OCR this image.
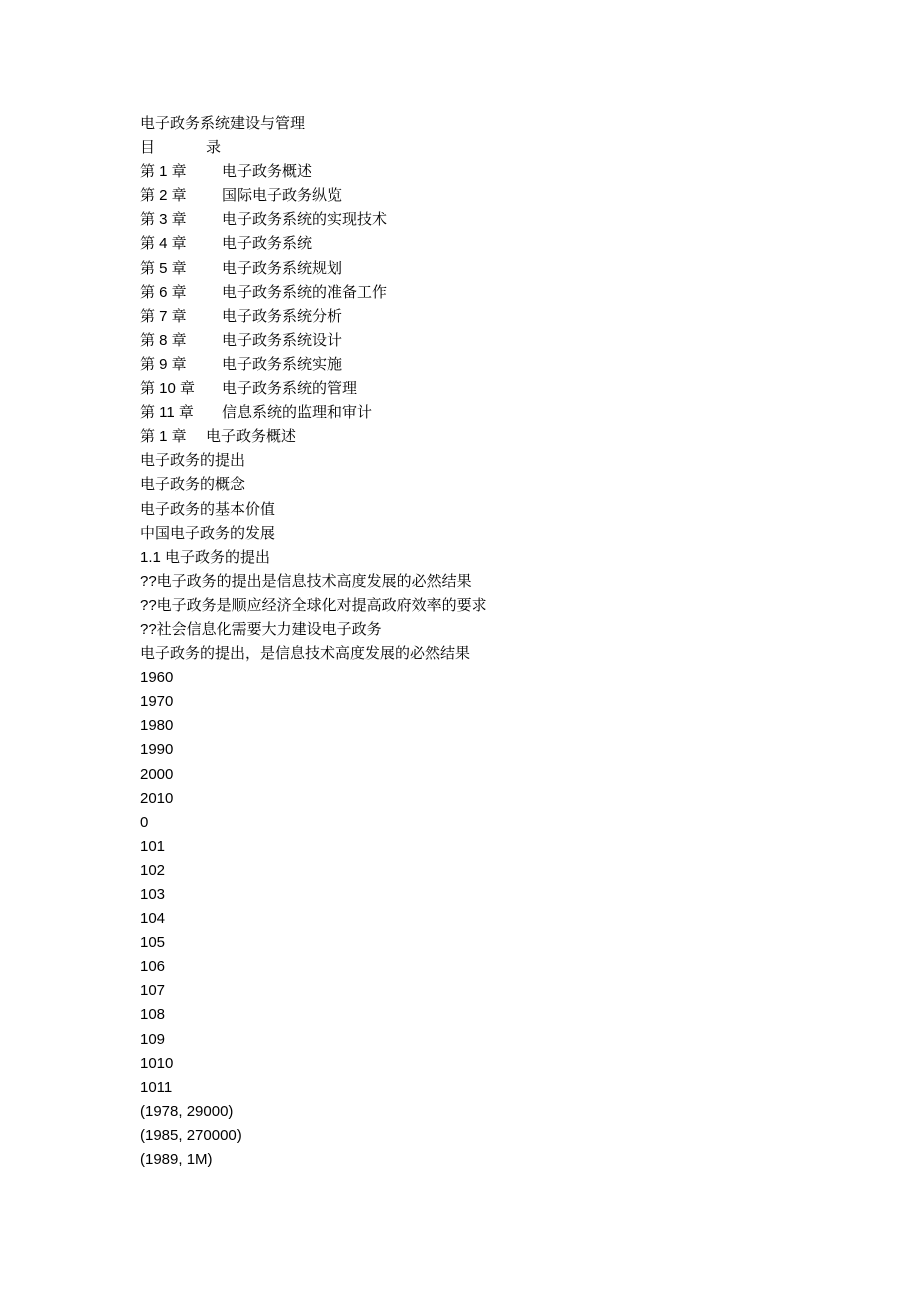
电子政务系统建设与管理
目	录
第 1 章 电子政务概述
第 2 章 国际电子政务纵览
第 3 章 电子政务系统的实现技术
第 4 章 电子政务系统
第 5 章 电子政务系统规划
第 6 章 电子政务系统的准备工作
第 7 章 电子政务系统分析
第 8 章 电子政务系统设计
第 9 章 电子政务系统实施
第 10 章 电子政务系统的管理
第 11 章 信息系统的监理和审计
第 1 章 电子政务概述
电子政务的提出
电子政务的概念
电子政务的基本价值
中国电子政务的发展
1.1 电子政务的提出
??电子政务的提出是信息技术高度发展的必然结果
??电子政务是顺应经济全球化对提高政府效率的要求
??社会信息化需要大力建设电子政务
电子政务的提出，是信息技术高度发展的必然结果
1960
1970
1980
1990
2000
2010
0
101
102
103
104
105
106
107
108
109
1010
1011
(1978, 29000)
(1985, 270000)
(1989, 1M)
